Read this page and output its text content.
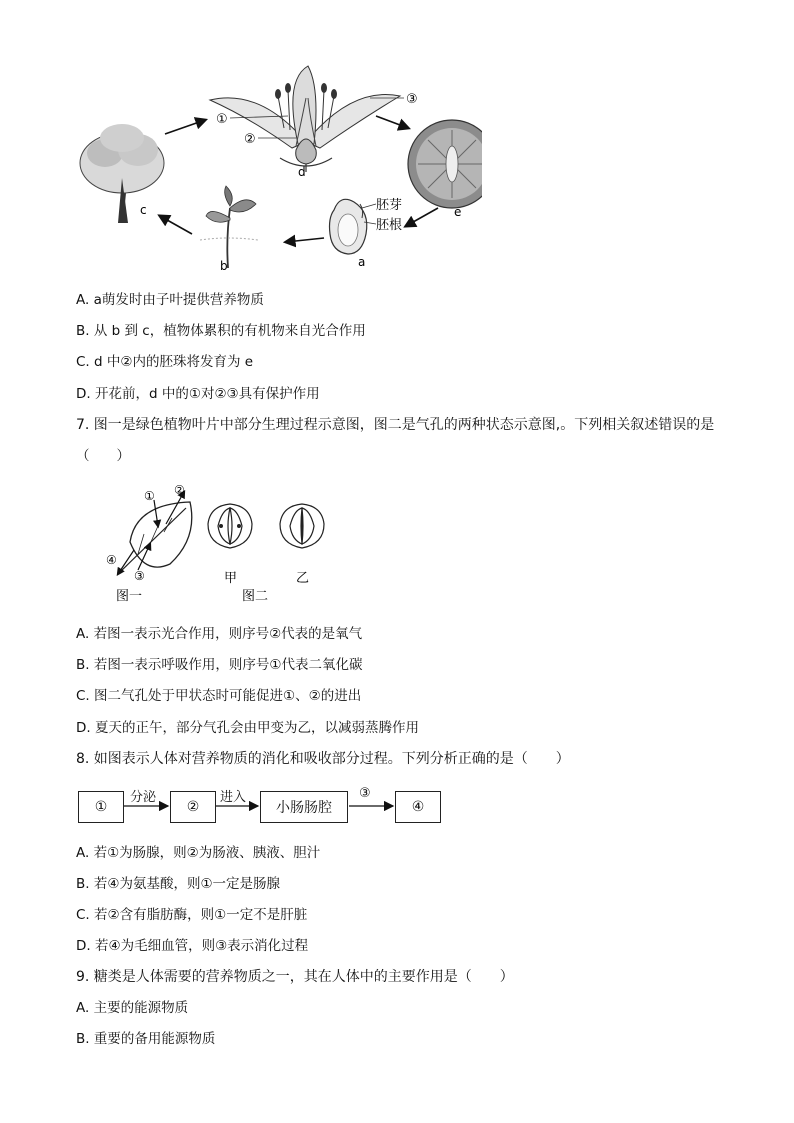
c
①
②
③
d
b
e
胚芽
胚根
a
A. a萌发时由子叶提供营养物质
B. 从 b 到 c，植物体累积的有机物来自光合作用
C. d 中②内的胚珠将发育为 e
D. 开花前，d 中的①对②③具有保护作用
7. 图一是绿色植物叶片中部分生理过程示意图，图二是气孔的两种状态示意图,。下列相关叙述错误的是
（　　）
① ②
③
④
图一
甲	乙
图二
A. 若图一表示光合作用，则序号②代表的是氧气
B. 若图一表示呼吸作用，则序号①代表二氧化碳
C. 图二气孔处于甲状态时可能促进①、②的进出
D. 夏天的正午，部分气孔会由甲变为乙，以减弱蒸腾作用
8. 如图表示人体对营养物质的消化和吸收部分过程。下列分析正确的是（　　）
①	②	小肠肠腔	④
分泌	进入	③
A. 若①为肠腺，则②为肠液、胰液、胆汁
B. 若④为氨基酸，则①一定是肠腺
C. 若②含有脂肪酶，则①一定不是肝脏
D. 若④为毛细血管，则③表示消化过程
9. 糖类是人体需要的营养物质之一，其在人体中的主要作用是（　　）
A. 主要的能源物质
B. 重要的备用能源物质
